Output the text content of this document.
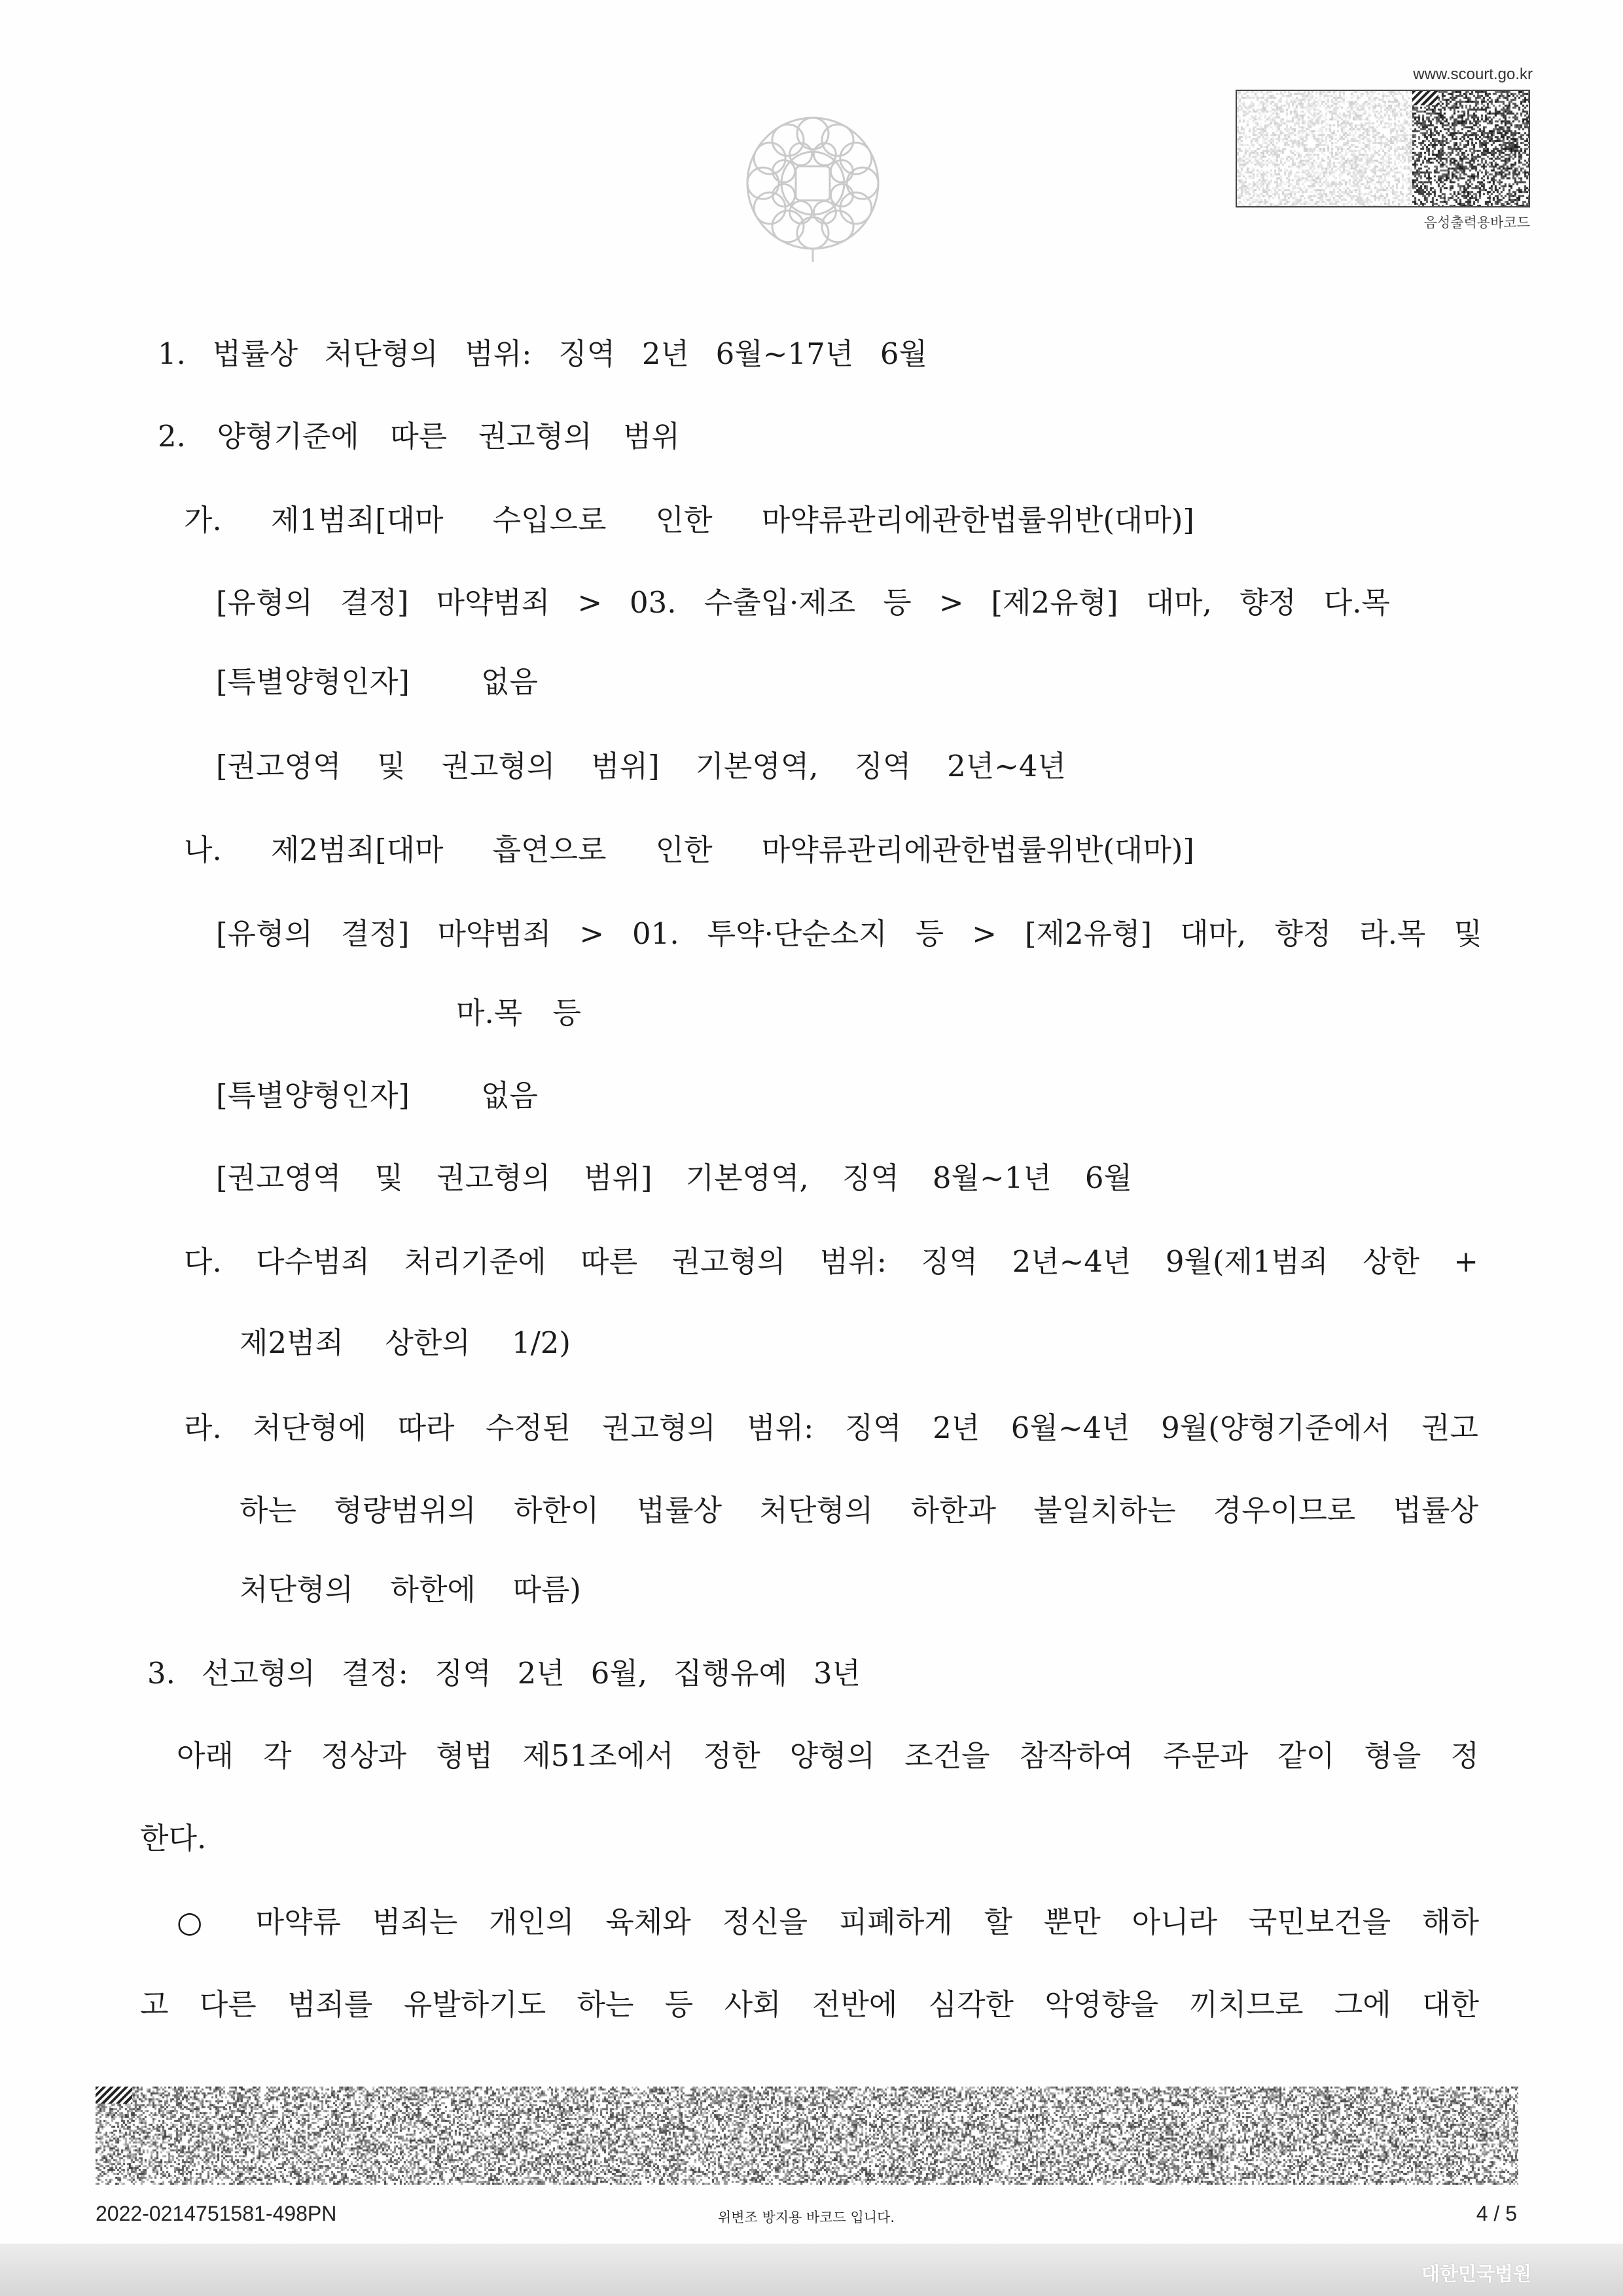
www.scourt.go.kr
음성출력용바코드
1. 법률상 처단형의 범위: 징역 2년 6월~17년 6월
2. 양형기준에 따른 권고형의 범위
가. 제1범죄[대마 수입으로 인한 마약류관리에관한법률위반(대마)]
[유형의 결정] 마약범죄 > 03. 수출입·제조 등 > [제2유형] 대마, 향정 다.목
[특별양형인자] 없음
[권고영역 및 권고형의 범위] 기본영역, 징역 2년~4년
나. 제2범죄[대마 흡연으로 인한 마약류관리에관한법률위반(대마)]
[유형의 결정] 마약범죄 > 01. 투약·단순소지 등 > [제2유형] 대마, 향정 라.목 및
마.목 등
[특별양형인자] 없음
[권고영역 및 권고형의 범위] 기본영역, 징역 8월~1년 6월
다. 다수범죄 처리기준에 따른 권고형의 범위: 징역 2년~4년 9월(제1범죄 상한 +
제2범죄 상한의 1/2)
라. 처단형에 따라 수정된 권고형의 범위: 징역 2년 6월~4년 9월(양형기준에서 권고
하는 형량범위의 하한이 법률상 처단형의 하한과 불일치하는 경우이므로 법률상
처단형의 하한에 따름)
3. 선고형의 결정: 징역 2년 6월, 집행유예 3년
아래 각 정상과 형법 제51조에서 정한 양형의 조건을 참작하여 주문과 같이 형을 정
한다.
○ 마약류 범죄는 개인의 육체와 정신을 피폐하게 할 뿐만 아니라 국민보건을 해하
고 다른 범죄를 유발하기도 하는 등 사회 전반에 심각한 악영향을 끼치므로 그에 대한
2022-0214751581-498PN	위변조 방지용 바코드 입니다.	4 / 5
대한민국법원
